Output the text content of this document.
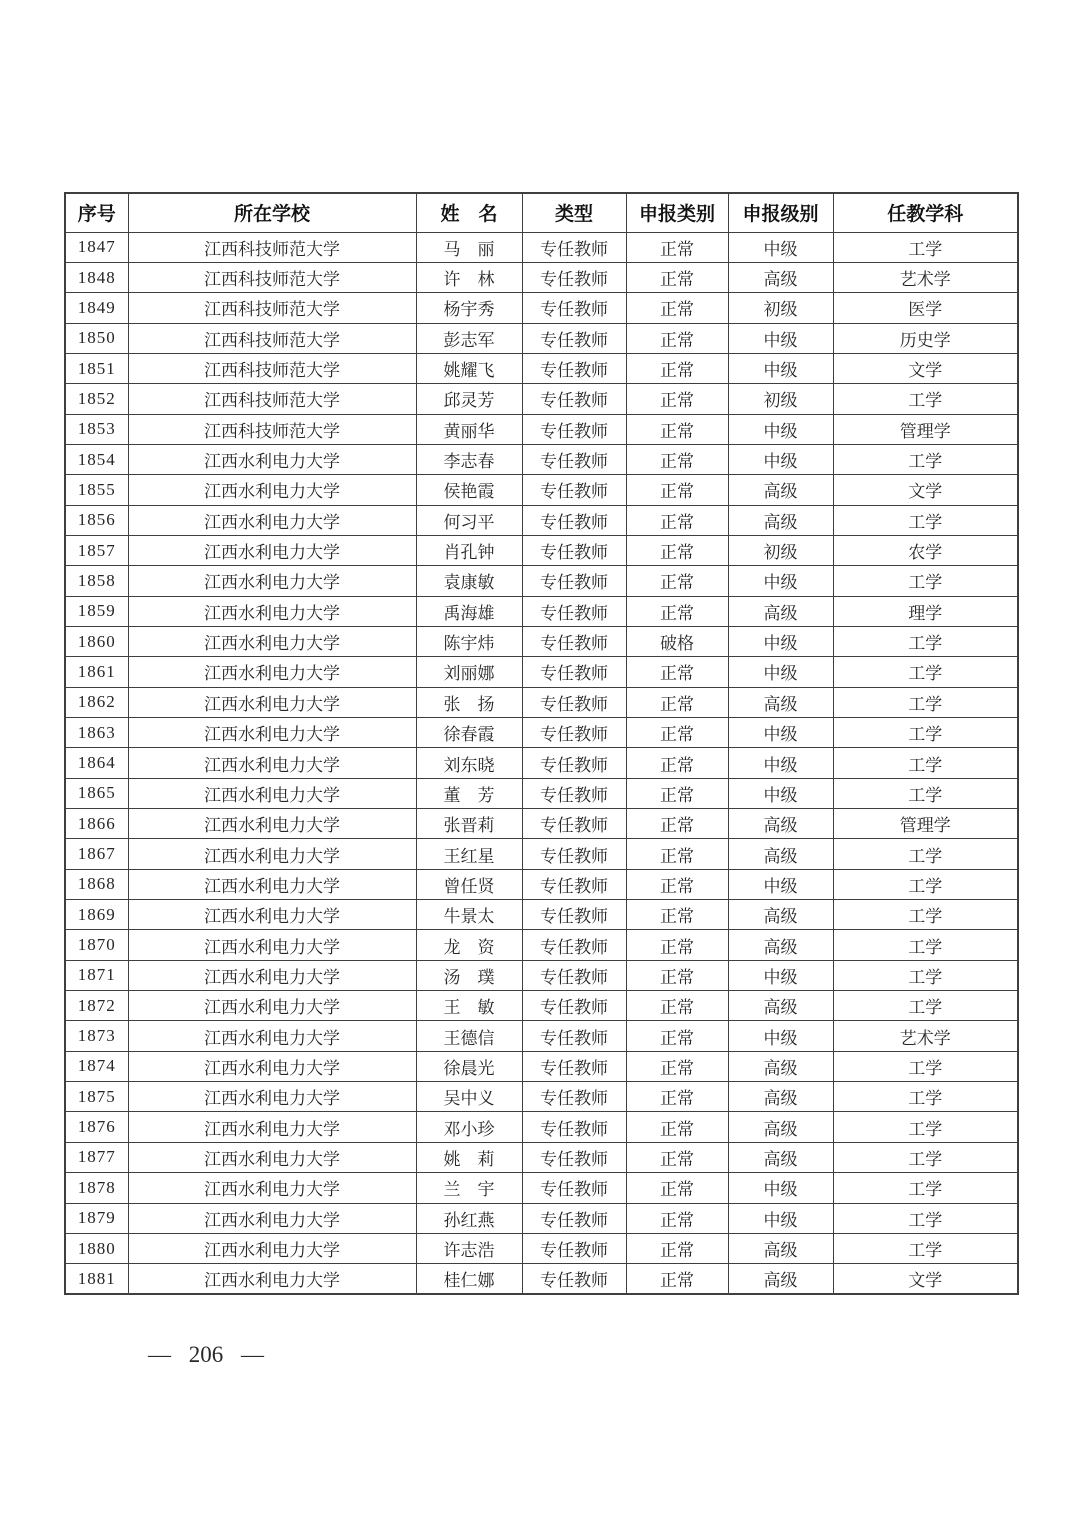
序号	所在学校	姓　名	类型	申报类别	申报级别	任教学科
1847	江西科技师范大学	马　丽	专任教师	正常	中级	工学
1848	江西科技师范大学	许　林	专任教师	正常	高级	艺术学
1849	江西科技师范大学	杨宇秀	专任教师	正常	初级	医学
1850	江西科技师范大学	彭志军	专任教师	正常	中级	历史学
1851	江西科技师范大学	姚耀飞	专任教师	正常	中级	文学
1852	江西科技师范大学	邱灵芳	专任教师	正常	初级	工学
1853	江西科技师范大学	黄丽华	专任教师	正常	中级	管理学
1854	江西水利电力大学	李志春	专任教师	正常	中级	工学
1855	江西水利电力大学	侯艳霞	专任教师	正常	高级	文学
1856	江西水利电力大学	何习平	专任教师	正常	高级	工学
1857	江西水利电力大学	肖孔钟	专任教师	正常	初级	农学
1858	江西水利电力大学	袁康敏	专任教师	正常	中级	工学
1859	江西水利电力大学	禹海雄	专任教师	正常	高级	理学
1860	江西水利电力大学	陈宇炜	专任教师	破格	中级	工学
1861	江西水利电力大学	刘丽娜	专任教师	正常	中级	工学
1862	江西水利电力大学	张　扬	专任教师	正常	高级	工学
1863	江西水利电力大学	徐春霞	专任教师	正常	中级	工学
1864	江西水利电力大学	刘东晓	专任教师	正常	中级	工学
1865	江西水利电力大学	董　芳	专任教师	正常	中级	工学
1866	江西水利电力大学	张晋莉	专任教师	正常	高级	管理学
1867	江西水利电力大学	王红星	专任教师	正常	高级	工学
1868	江西水利电力大学	曾任贤	专任教师	正常	中级	工学
1869	江西水利电力大学	牛景太	专任教师	正常	高级	工学
1870	江西水利电力大学	龙　资	专任教师	正常	高级	工学
1871	江西水利电力大学	汤　璞	专任教师	正常	中级	工学
1872	江西水利电力大学	王　敏	专任教师	正常	高级	工学
1873	江西水利电力大学	王德信	专任教师	正常	中级	艺术学
1874	江西水利电力大学	徐晨光	专任教师	正常	高级	工学
1875	江西水利电力大学	吴中义	专任教师	正常	高级	工学
1876	江西水利电力大学	邓小珍	专任教师	正常	高级	工学
1877	江西水利电力大学	姚　莉	专任教师	正常	高级	工学
1878	江西水利电力大学	兰　宇	专任教师	正常	中级	工学
1879	江西水利电力大学	孙红燕	专任教师	正常	中级	工学
1880	江西水利电力大学	许志浩	专任教师	正常	高级	工学
1881	江西水利电力大学	桂仁娜	专任教师	正常	高级	文学
— 206 —
